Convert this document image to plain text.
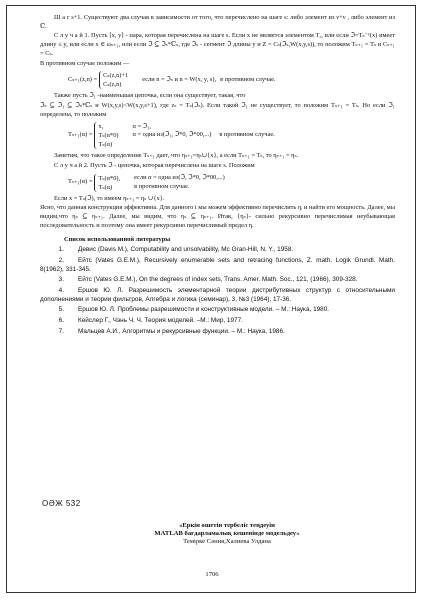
Ш а г s+1. Существуют два случая в зависимости от того, что перечислено на шаге s: либо элемент из ν+ν , либо элемент из ℂ.

С л у ч а й 1. Пусть ⟨x, y⟩ - пара, которая перечислена на шаге s. Если x не является элементом Tₐ, или если ℑ=Tₛ⁻¹(x) имеет длину ≤ y, или если x ∈ ωₛ₊₁, или если ℑ ⊆ ℑₛ*ℂₛ, где ℑₛ - сегмент ℑ длины y и Z = Cₛ(ℑₛ,W(x,y,s)), то положим Tₛ₊₁ = Tₛ и Cₛ₊₁ = Cₛ.

В противном случае положим —

Cₛ₊₁(z,n) =
Cₛ(z,n)+1
Cₛ(z,n)
если n = ℑₛ и n = W(x, y, s), в противном случае.

Также пусть ℑ₁ -наименьшая цепочка, если она существует, такая, что

ℑₛ ⊆ ℑ₁ ⊆ ℑₛ*ℂₛ и W(x,y,s)<W(x,y,s+1), где zₛ = Tₛ(ℑₛ). Если такой ℑ₁ не существует, то положим Tₛ₊₁ = Tₛ. Но если ℑ₁ определена, то положим

Tₛ₊₁(α) =
x,
Tₛ(α*0)
Tₛ(α)
α = ℑ₁,
α = одна из(ℑ₁, ℑ*0, ℑ*00,...) в противном случае.

Заметим, что такое определение Tₛ₊₁ дает, что ηₛ₊₁=ηₛ∪{x}, а если Tₛ₊₁ = Tₛ, то ηₛ₊₁ = ηₛ.

С л у ч а й 2. Пусть ℑ - цепочка, которая перечислена на шаге s. Положим

Tₛ₊₁(α) =
Tₛ(α*0),
Tₛ(α)
если α = одна из(ℑ, ℑ*0, ℑ*00,...)
в противном случае.

Если x = Tₛ(ℑ), то имеем ηₛ₊₁ = ηₛ ∪{x}.

Ясно, что данная конструкция эффективна. Для данного i мы можем эффективно перечислить ηᵢ и найти его мощность. Далее, мы видим,что ηₛ ⊆ ηₛ₊₁. Далее, мы видим, что ηₛ ⊆ ηₛ₊₁. Итак, {ηₛ}- сильно рекурсивно перечислимая неубывающая последовательность и поэтому она имеет рекурсивно перечислимый предел η.

Список использованной литературы

1. Девис (Davis M.), Computability and unsolvability, Mc Gran-Hill, N. Y., 1958.

2. Ейтс (Vates G.E.M.), Recursively enumerable sets and retracing functions, Z. math. Logik Grundl. Math. 8(1962), 331-345.

3. Ейтс (Vates G.E.M.), On the degrees of index sets, Trans. Amer. Math. Soc., 121, (1966), 309-328.

4. Ершов Ю. Л. Разрешимость элементарной теории дистрибутивных структур с относительными дополнениями и теории фильтров, Алгебра и логика (семинар), 3, №3 (1964), 17-36.

5. Ершов Ю. Л. Проблемы разрешимости и конструктивные модели. – М.: Наука, 1980.

6. Кейслер Г., Чэнь Ч. Ч. Теория моделей. –М.: Мир, 1977.

7. Мальцев А.И., Алгоритмы и рекурсивные функции. – М.: Наука, 1986.

ОӘЖ 532
«Еркін өшетін тербеліс теңдеуін
MATLAB бағдарламалық кешенінде модельдеу»
Темірке Сәния,Халиева Улдана
1706
